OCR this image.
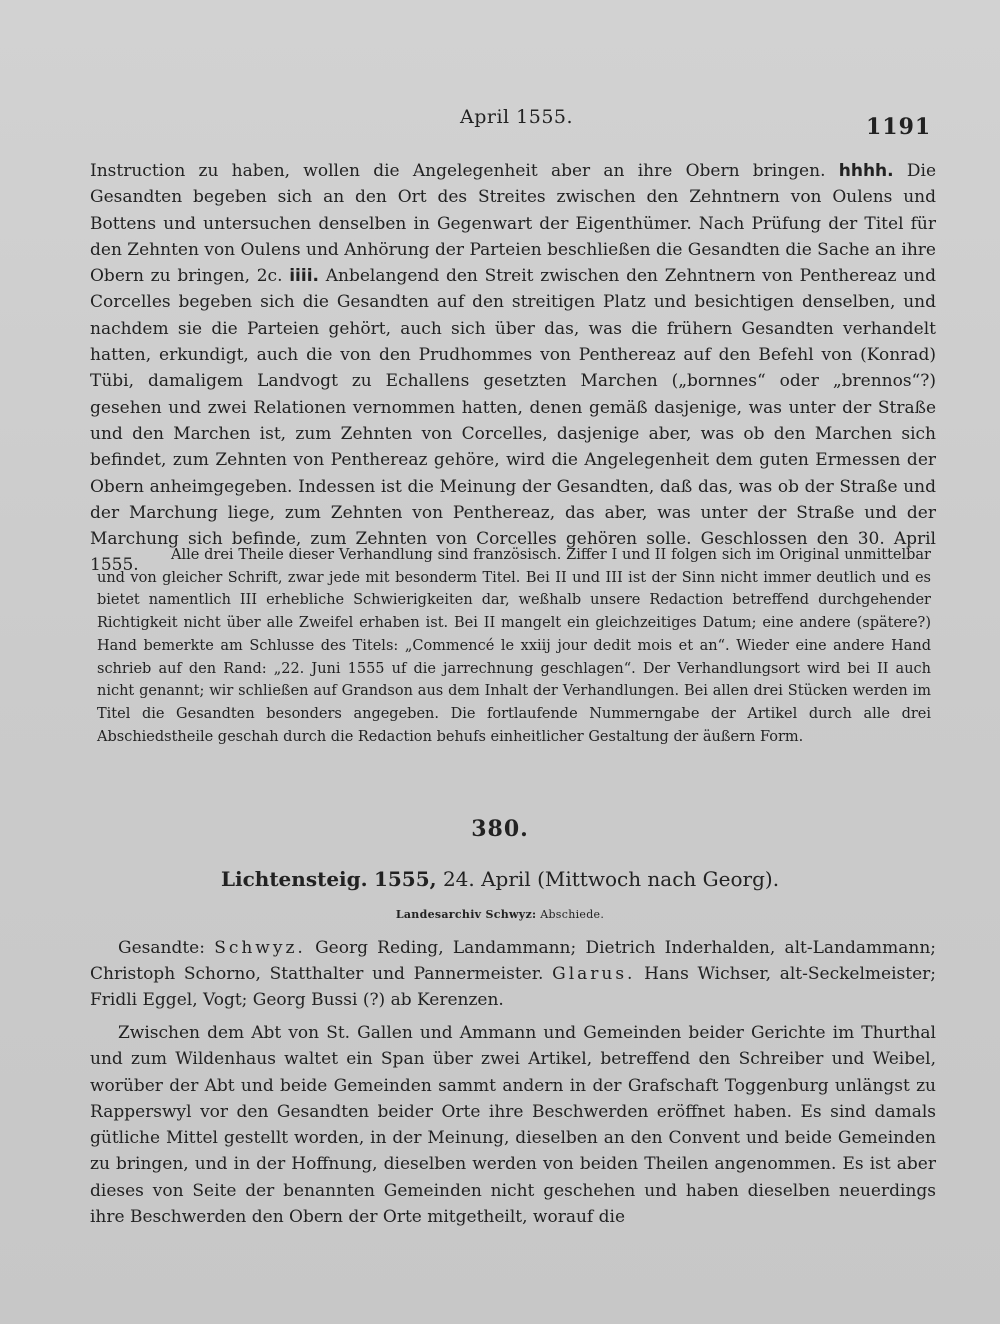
April 1555.	1191
Instruction zu haben, wollen die Angelegenheit aber an ihre Obern bringen. hhhh. Die Gesandten begeben sich an den Ort des Streites zwischen den Zehntnern von Oulens und Bottens und untersuchen denselben in Gegenwart der Eigenthümer. Nach Prüfung der Titel für den Zehnten von Oulens und Anhörung der Parteien beschließen die Gesandten die Sache an ihre Obern zu bringen, 2c. iiii. Anbelangend den Streit zwischen den Zehntnern von Penthereaz und Corcelles begeben sich die Gesandten auf den streitigen Platz und besichtigen denselben, und nachdem sie die Parteien gehört, auch sich über das, was die frühern Gesandten verhandelt hatten, erkundigt, auch die von den Prudhommes von Penthereaz auf den Befehl von (Konrad) Tübi, damaligem Landvogt zu Echallens gesetzten Marchen („bornnes“ oder „brennos“?) gesehen und zwei Relationen vernommen hatten, denen gemäß dasjenige, was unter der Straße und den Marchen ist, zum Zehnten von Corcelles, dasjenige aber, was ob den Marchen sich befindet, zum Zehnten von Penthereaz gehöre, wird die Angelegenheit dem guten Ermessen der Obern anheimgegeben. Indessen ist die Meinung der Gesandten, daß das, was ob der Straße und der Marchung liege, zum Zehnten von Penthereaz, das aber, was unter der Straße und der Marchung sich befinde, zum Zehnten von Corcelles gehören solle. Geschlossen den 30. April 1555.
Alle drei Theile dieser Verhandlung sind französisch. Ziffer I und II folgen sich im Original unmittelbar und von gleicher Schrift, zwar jede mit besonderm Titel. Bei II und III ist der Sinn nicht immer deutlich und es bietet namentlich III erhebliche Schwierigkeiten dar, weßhalb unsere Redaction betreffend durchgehender Richtigkeit nicht über alle Zweifel erhaben ist. Bei II mangelt ein gleichzeitiges Datum; eine andere (spätere?) Hand bemerkte am Schlusse des Titels: „Commencé le xxiij jour dedit mois et an“. Wieder eine andere Hand schrieb auf den Rand: „22. Juni 1555 uf die jarrechnung geschlagen“. Der Verhandlungsort wird bei II auch nicht genannt; wir schließen auf Grandson aus dem Inhalt der Verhandlungen. Bei allen drei Stücken werden im Titel die Gesandten besonders angegeben. Die fortlaufende Nummerngabe der Artikel durch alle drei Abschiedstheile geschah durch die Redaction behufs einheitlicher Gestaltung der äußern Form.
380.
Lichtensteig. 1555, 24. April (Mittwoch nach Georg).
Landesarchiv Schwyz: Abschiede.
Gesandte: Schwyz. Georg Reding, Landammann; Dietrich Inderhalden, alt-Landammann; Christoph Schorno, Statthalter und Pannermeister. Glarus. Hans Wichser, alt-Seckelmeister; Fridli Eggel, Vogt; Georg Bussi (?) ab Kerenzen.
Zwischen dem Abt von St. Gallen und Ammann und Gemeinden beider Gerichte im Thurthal und zum Wildenhaus waltet ein Span über zwei Artikel, betreffend den Schreiber und Weibel, worüber der Abt und beide Gemeinden sammt andern in der Grafschaft Toggenburg unlängst zu Rapperswyl vor den Gesandten beider Orte ihre Beschwerden eröffnet haben. Es sind damals gütliche Mittel gestellt worden, in der Meinung, dieselben an den Convent und beide Gemeinden zu bringen, und in der Hoffnung, dieselben werden von beiden Theilen angenommen. Es ist aber dieses von Seite der benannten Gemeinden nicht geschehen und haben dieselben neuerdings ihre Beschwerden den Obern der Orte mitgetheilt, worauf die
